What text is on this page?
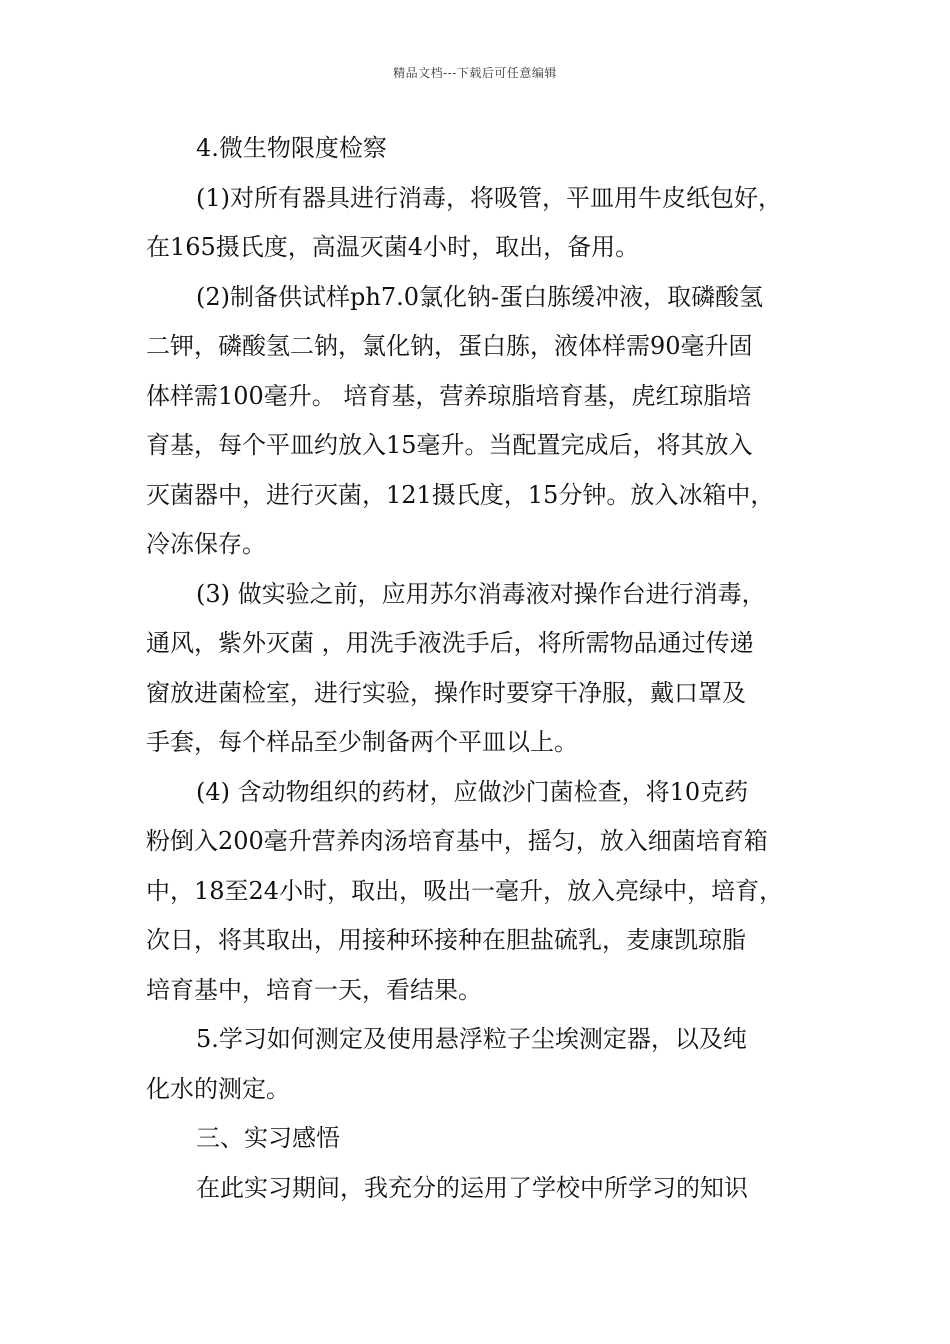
精品文档---下载后可任意编辑
4.微生物限度检察
(1)对所有器具进行消毒，将吸管，平皿用牛皮纸包好，
在165摄氏度，高温灭菌4小时，取出，备用。
(2)制备供试样ph7.0氯化钠-蛋白胨缓冲液，取磷酸氢
二钾，磷酸氢二钠，氯化钠，蛋白胨，液体样需90毫升固
体样需100毫升。 培育基，营养琼脂培育基，虎红琼脂培
育基，每个平皿约放入15毫升。当配置完成后，将其放入
灭菌器中，进行灭菌，121摄氏度，15分钟。放入冰箱中，
冷冻保存。
(3) 做实验之前，应用苏尔消毒液对操作台进行消毒，
通风，紫外灭菌 ，用洗手液洗手后，将所需物品通过传递
窗放进菌检室，进行实验，操作时要穿干净服，戴口罩及
手套，每个样品至少制备两个平皿以上。
(4) 含动物组织的药材，应做沙门菌检查，将10克药
粉倒入200毫升营养肉汤培育基中，摇匀，放入细菌培育箱
中，18至24小时，取出，吸出一毫升，放入亮绿中，培育，
次日，将其取出，用接种环接种在胆盐硫乳，麦康凯琼脂
培育基中，培育一天，看结果。
5.学习如何测定及使用悬浮粒子尘埃测定器，以及纯
化水的测定。
三、实习感悟
在此实习期间，我充分的运用了学校中所学习的知识
